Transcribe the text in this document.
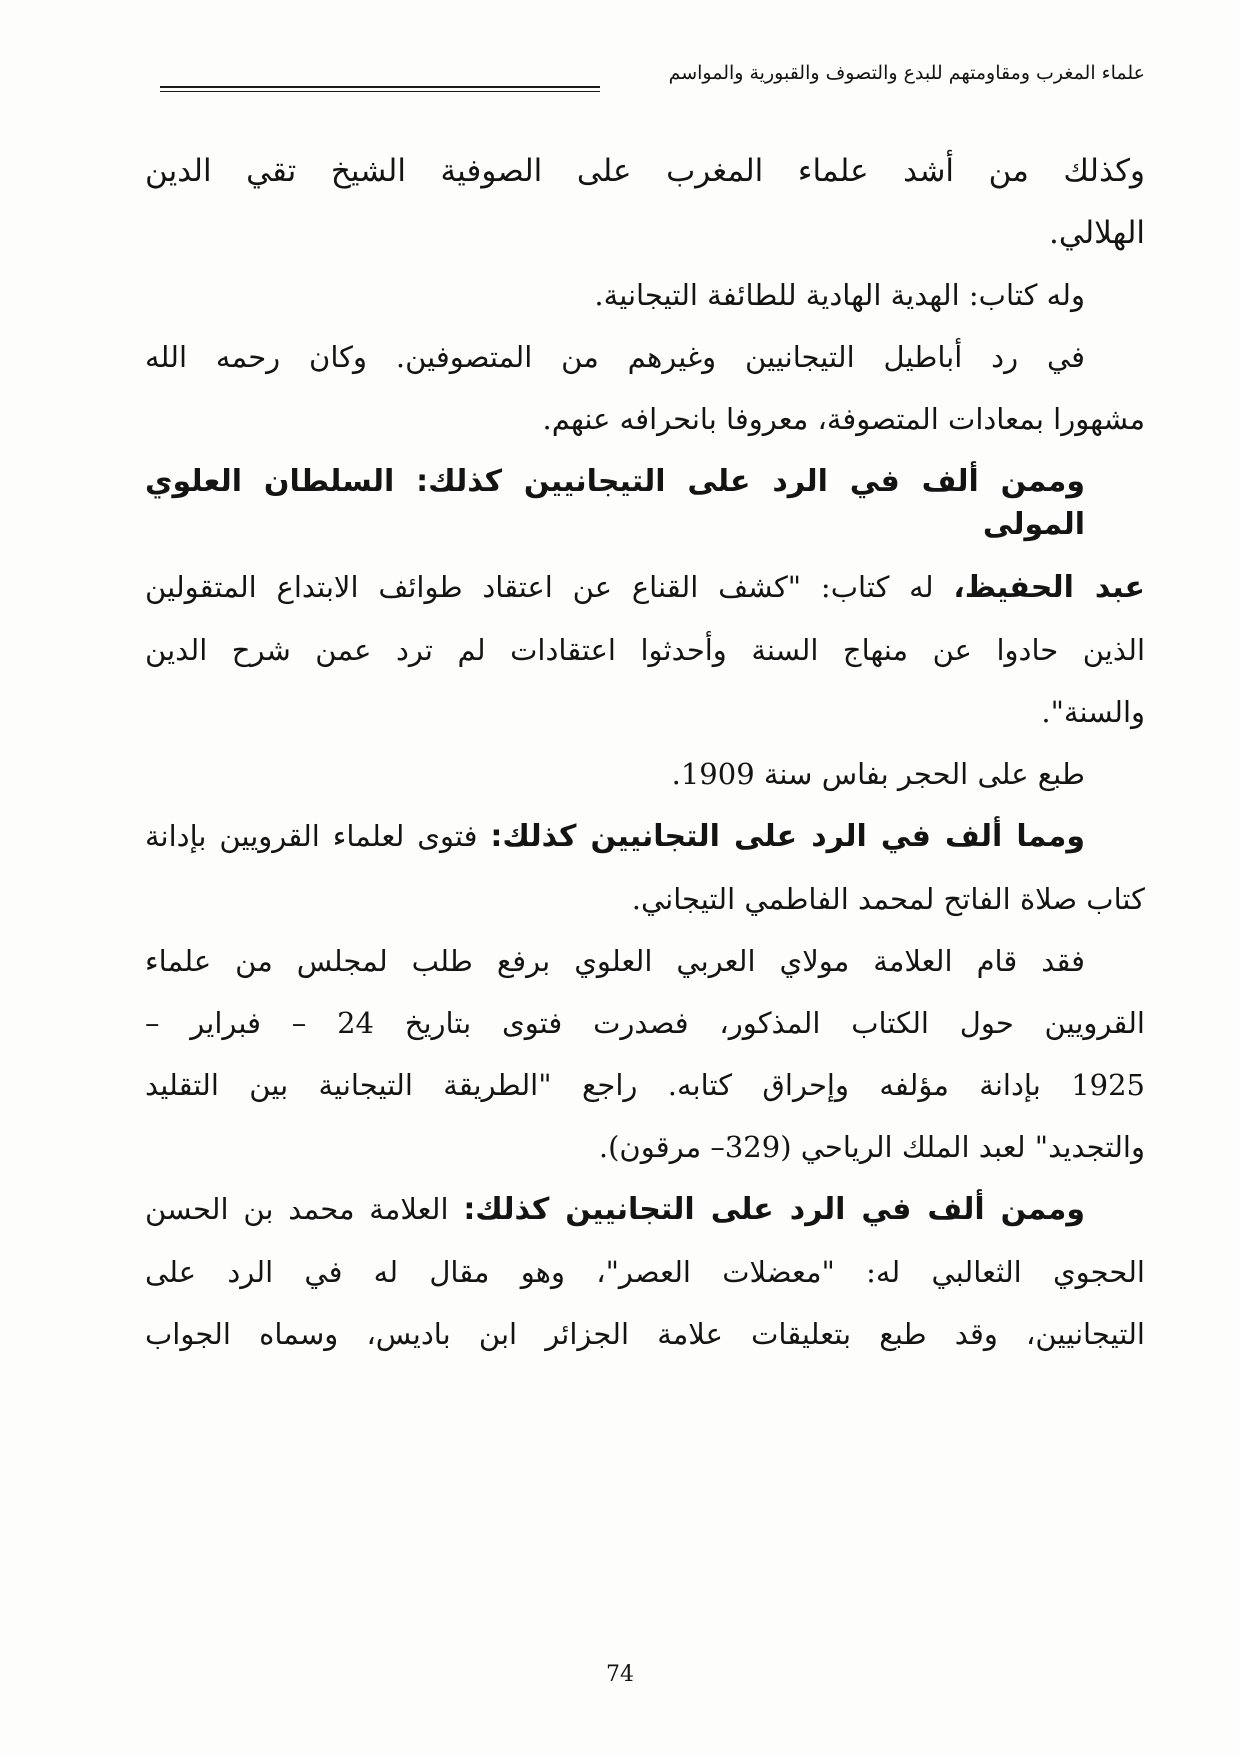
علماء المغرب ومقاومتهم للبدع والتصوف والقبورية والمواسم
وكذلك من أشد علماء المغرب على الصوفية الشيخ تقي الدين
الهلالي.
وله كتاب: الهدية الهادية للطائفة التيجانية.
في رد أباطيل التيجانيين وغيرهم من المتصوفين. وكان رحمه الله
مشهورا بمعادات المتصوفة، معروفا بانحرافه عنهم.
وممن ألف في الرد على التيجانيين كذلك: السلطان العلوي المولى
عبد الحفيظ، له كتاب: "كشف القناع عن اعتقاد طوائف الابتداع المتقولين
الذين حادوا عن منهاج السنة وأحدثوا اعتقادات لم ترد عمن شرح الدين
والسنة".
طبع على الحجر بفاس سنة 1909.
ومما ألف في الرد على التجانيين كذلك: فتوى لعلماء القرويين بإدانة
كتاب صلاة الفاتح لمحمد الفاطمي التيجاني.
فقد قام العلامة مولاي العربي العلوي برفع طلب لمجلس من علماء
القرويين حول الكتاب المذكور، فصدرت فتوى بتاريخ 24 – فبراير –
1925 بإدانة مؤلفه وإحراق كتابه. راجع "الطريقة التيجانية بين التقليد
والتجديد" لعبد الملك الرياحي (329– مرقون).
وممن ألف في الرد على التجانيين كذلك: العلامة محمد بن الحسن
الحجوي الثعالبي له: "معضلات العصر"، وهو مقال له في الرد على
التيجانيين، وقد طبع بتعليقات علامة الجزائر ابن باديس، وسماه الجواب
74
